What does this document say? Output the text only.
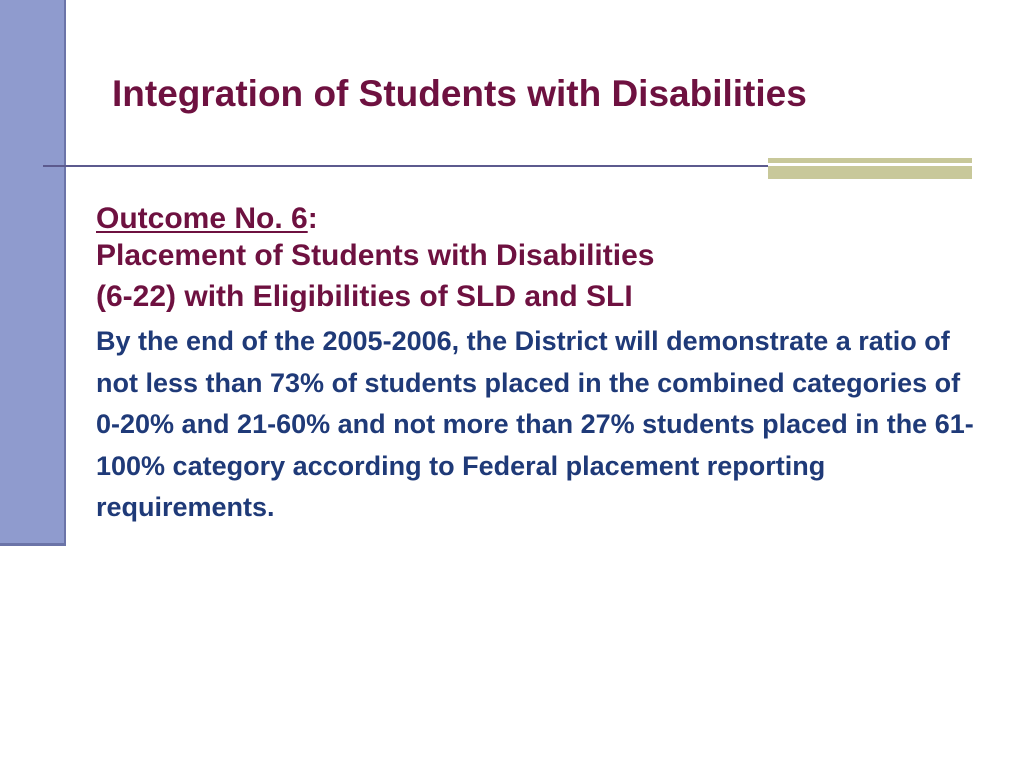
Integration of Students with Disabilities

Outcome No. 6:

Placement of Students with Disabilities
(6-22) with Eligibilities of SLD and SLI

By the end of the 2005-2006, the District will demonstrate a ratio of not less than 73% of students placed in the combined categories of 0-20% and 21-60% and not more than 27% students placed in the 61-100% category according to Federal placement reporting requirements.
